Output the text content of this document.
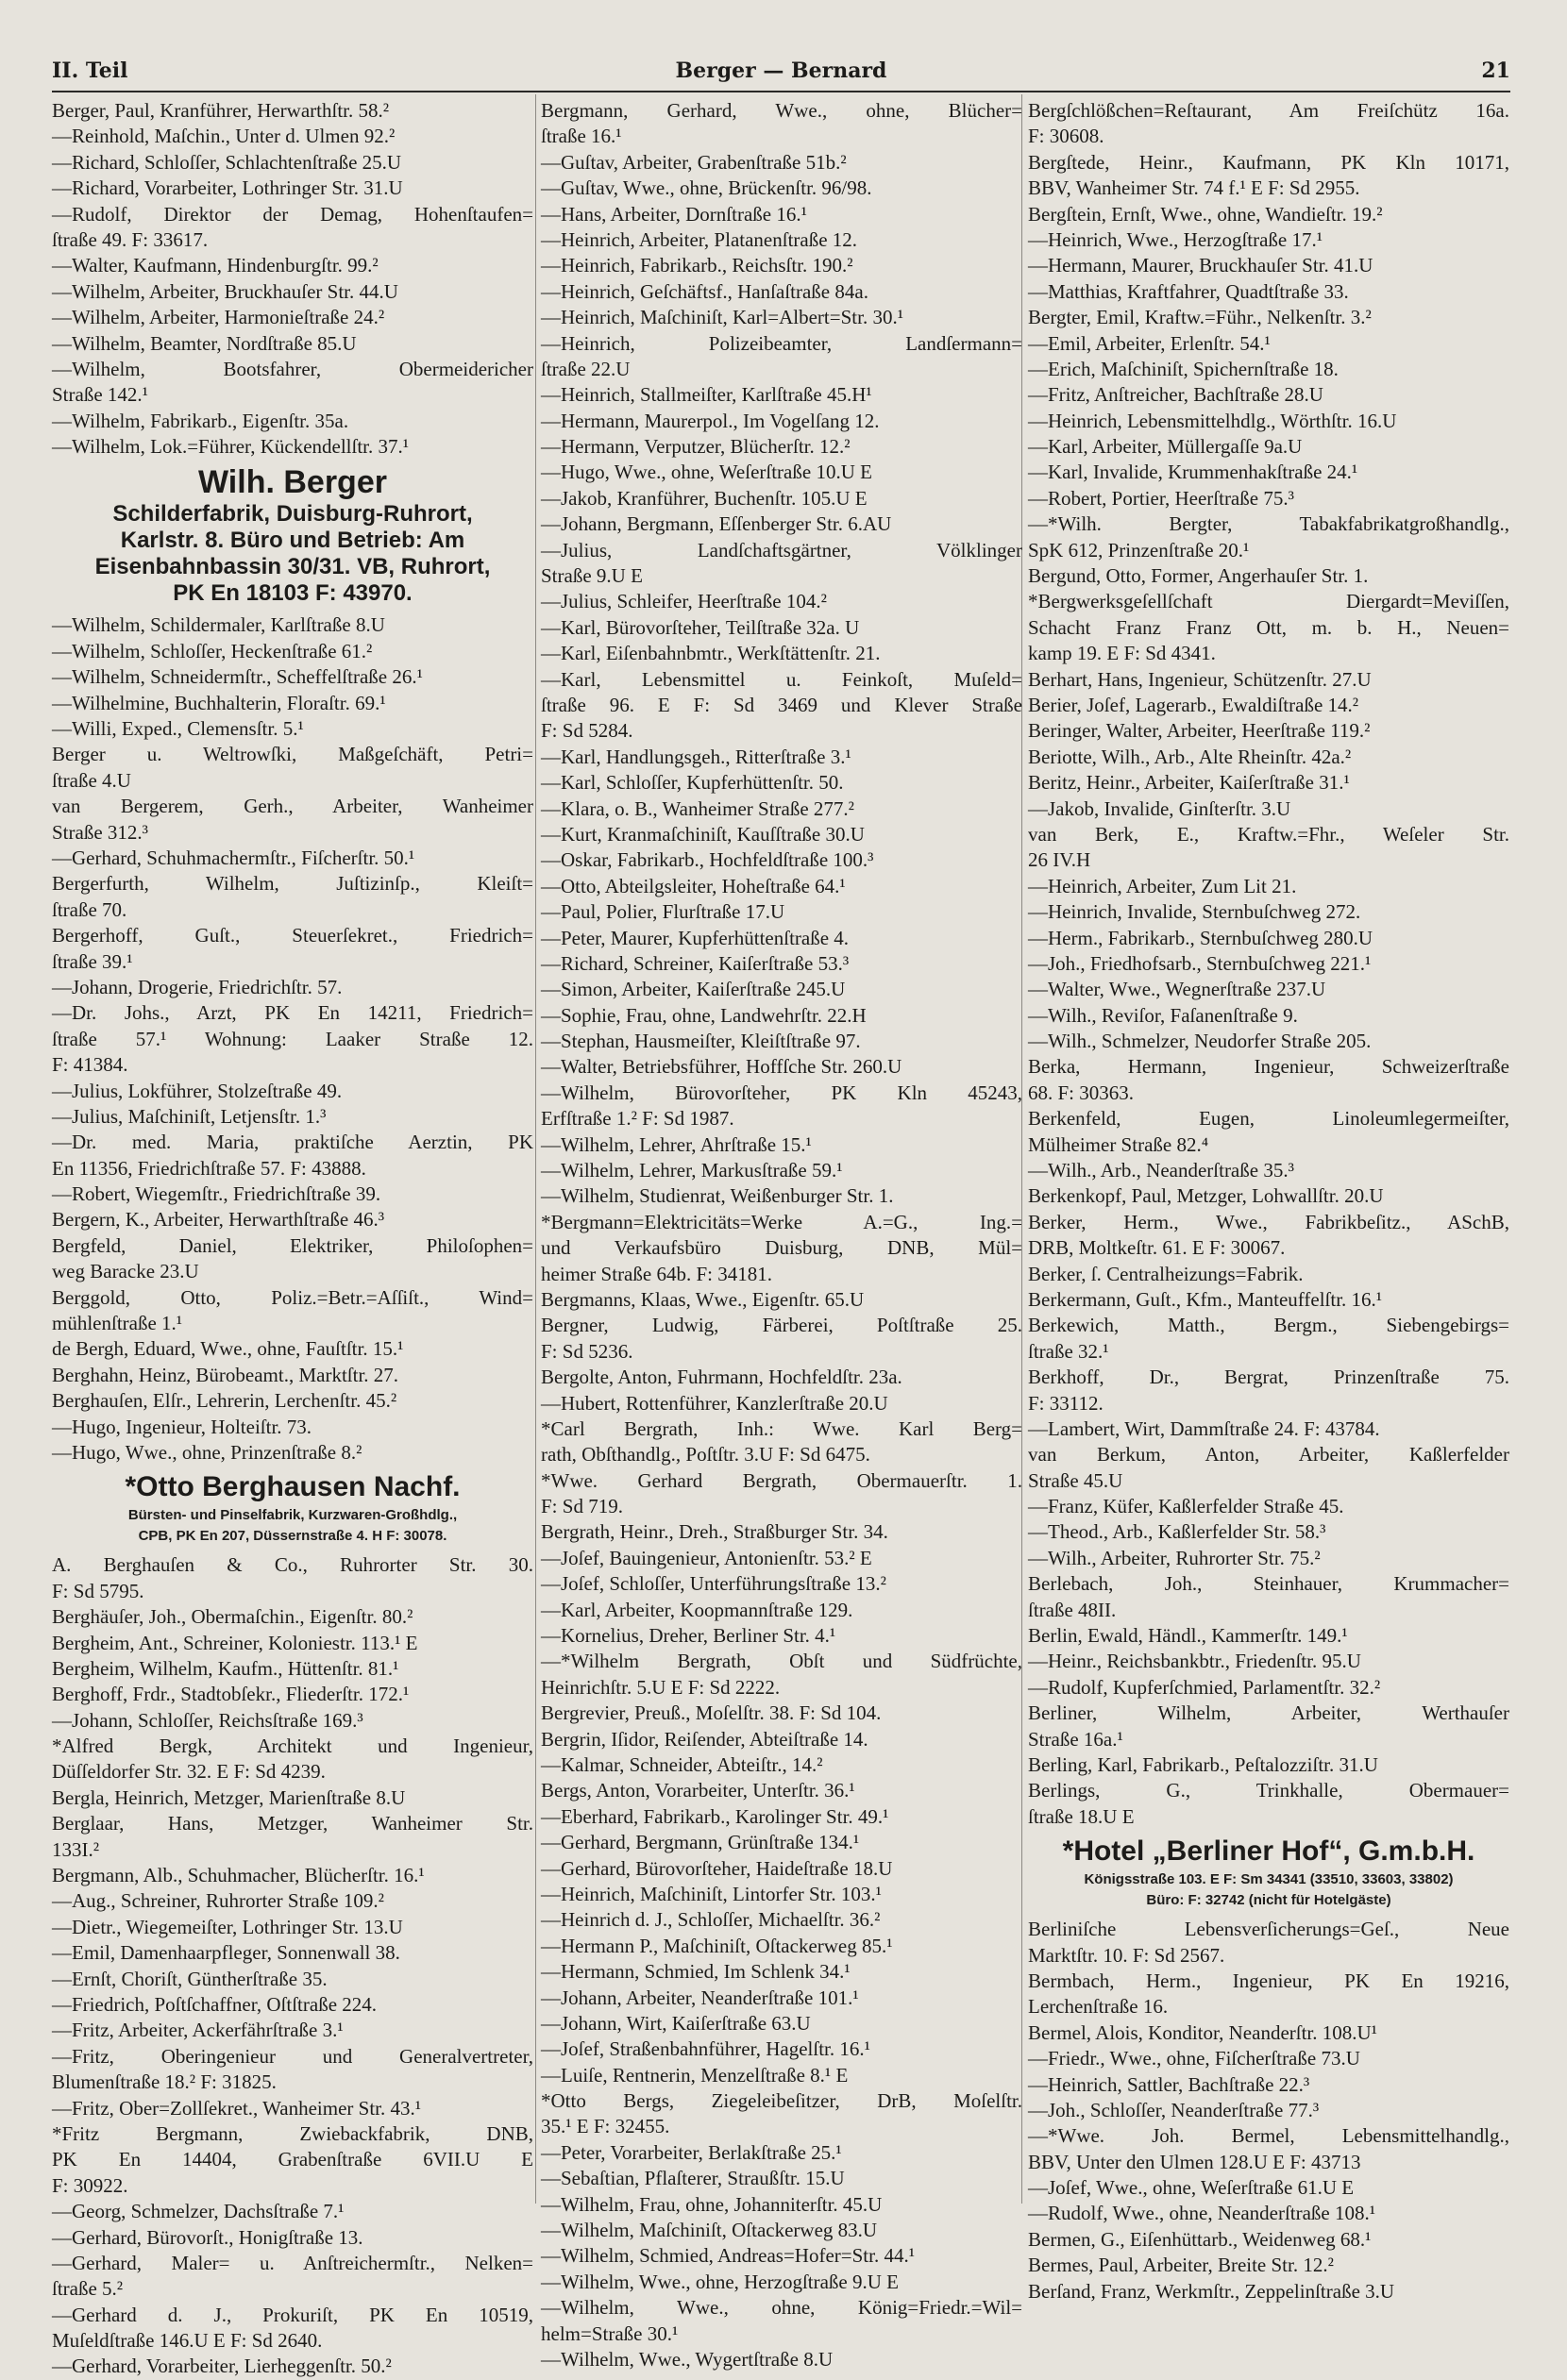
II. Teil	Berger — Bernard	21
Berger, Paul, Kranführer, Herwarthſtr. 58.²
—Reinhold, Maſchin., Unter d. Ulmen 92.²
—Richard, Schloſſer, Schlachtenſtraße 25.U
—Richard, Vorarbeiter, Lothringer Str. 31.U
—Rudolf, Direktor der Demag, Hohenſtaufen=
ſtraße 49. F: 33617.
—Walter, Kaufmann, Hindenburgſtr. 99.²
—Wilhelm, Arbeiter, Bruckhauſer Str. 44.U
—Wilhelm, Arbeiter, Harmonieſtraße 24.²
—Wilhelm, Beamter, Nordſtraße 85.U
—Wilhelm, Bootsfahrer, Obermeidericher
Straße 142.¹
—Wilhelm, Fabrikarb., Eigenſtr. 35a.
—Wilhelm, Lok.=Führer, Kückendellſtr. 37.¹
Wilh. Berger
Schilderfabrik, Duisburg-Ruhrort,
Karlstr. 8. Büro und Betrieb: Am
Eisenbahnbassin 30/31. VB, Ruhrort,
PK En 18103 F: 43970.
—Wilhelm, Schildermaler, Karlſtraße 8.U
—Wilhelm, Schloſſer, Heckenſtraße 61.²
—Wilhelm, Schneidermſtr., Scheffelſtraße 26.¹
—Wilhelmine, Buchhalterin, Floraſtr. 69.¹
—Willi, Exped., Clemensſtr. 5.¹
Berger u. Weltrowſki, Maßgeſchäft, Petri=
ſtraße 4.U
van Bergerem, Gerh., Arbeiter, Wanheimer
Straße 312.³
—Gerhard, Schuhmachermſtr., Fiſcherſtr. 50.¹
Bergerfurth, Wilhelm, Juſtizinſp., Kleiſt=
ſtraße 70.
Bergerhoff, Guſt., Steuerſekret., Friedrich=
ſtraße 39.¹
—Johann, Drogerie, Friedrichſtr. 57.
—Dr. Johs., Arzt, PK En 14211, Friedrich=
ſtraße 57.¹ Wohnung: Laaker Straße 12.
F: 41384.
—Julius, Lokführer, Stolzeſtraße 49.
—Julius, Maſchiniſt, Letjensſtr. 1.³
—Dr. med. Maria, praktiſche Aerztin, PK
En 11356, Friedrichſtraße 57. F: 43888.
—Robert, Wiegemſtr., Friedrichſtraße 39.
Bergern, K., Arbeiter, Herwarthſtraße 46.³
Bergfeld, Daniel, Elektriker, Philoſophen=
weg Baracke 23.U
Berggold, Otto, Poliz.=Betr.=Aſſiſt., Wind=
mühlenſtraße 1.¹
de Bergh, Eduard, Wwe., ohne, Fauſtſtr. 15.¹
Berghahn, Heinz, Bürobeamt., Marktſtr. 27.
Berghauſen, Elſr., Lehrerin, Lerchenſtr. 45.²
—Hugo, Ingenieur, Holteiſtr. 73.
—Hugo, Wwe., ohne, Prinzenſtraße 8.²
*Otto Berghausen Nachf.
Bürsten- und Pinselfabrik, Kurzwaren-Großhdlg.,
CPB, PK En 207, Düssernstraße 4. H F: 30078.
A. Berghauſen & Co., Ruhrorter Str. 30.
F: Sd 5795.
Berghäuſer, Joh., Obermaſchin., Eigenſtr. 80.²
Bergheim, Ant., Schreiner, Koloniestr. 113.¹ E
Bergheim, Wilhelm, Kaufm., Hüttenſtr. 81.¹
Berghoff, Frdr., Stadtobſekr., Fliederſtr. 172.¹
—Johann, Schloſſer, Reichsſtraße 169.³
*Alfred Bergk, Architekt und Ingenieur,
Düſſeldorfer Str. 32. E F: Sd 4239.
Bergla, Heinrich, Metzger, Marienſtraße 8.U
Berglaar, Hans, Metzger, Wanheimer Str.
133I.²
Bergmann, Alb., Schuhmacher, Blücherſtr. 16.¹
—Aug., Schreiner, Ruhrorter Straße 109.²
—Dietr., Wiegemeiſter, Lothringer Str. 13.U
—Emil, Damenhaarpfleger, Sonnenwall 38.
—Ernſt, Choriſt, Güntherſtraße 35.
—Friedrich, Poſtſchaffner, Oſtſtraße 224.
—Fritz, Arbeiter, Ackerfährſtraße 3.¹
—Fritz, Oberingenieur und Generalvertreter,
Blumenſtraße 18.² F: 31825.
—Fritz, Ober=Zollſekret., Wanheimer Str. 43.¹
*Fritz Bergmann, Zwiebackfabrik, DNB,
PK En 14404, Grabenſtraße 6VII.U E
F: 30922.
—Georg, Schmelzer, Dachsſtraße 7.¹
—Gerhard, Bürovorſt., Honigſtraße 13.
—Gerhard, Maler= u. Anſtreichermſtr., Nelken=
ſtraße 5.²
—Gerhard d. J., Prokuriſt, PK En 10519,
Muſeldſtraße 146.U E F: Sd 2640.
—Gerhard, Vorarbeiter, Lierheggenſtr. 50.²
Bergmann, Gerhard, Wwe., ohne, Blücher=
ſtraße 16.¹
—Guſtav, Arbeiter, Grabenſtraße 51b.²
—Guſtav, Wwe., ohne, Brückenſtr. 96/98.
—Hans, Arbeiter, Dornſtraße 16.¹
—Heinrich, Arbeiter, Platanenſtraße 12.
—Heinrich, Fabrikarb., Reichsſtr. 190.²
—Heinrich, Geſchäftsf., Hanſaſtraße 84a.
—Heinrich, Maſchiniſt, Karl=Albert=Str. 30.¹
—Heinrich, Polizeibeamter, Landſermann=
ſtraße 22.U
—Heinrich, Stallmeiſter, Karlſtraße 45.H¹
—Hermann, Maurerpol., Im Vogelſang 12.
—Hermann, Verputzer, Blücherſtr. 12.²
—Hugo, Wwe., ohne, Weſerſtraße 10.U E
—Jakob, Kranführer, Buchenſtr. 105.U E
—Johann, Bergmann, Eſſenberger Str. 6.AU
—Julius, Landſchaftsgärtner, Völklinger
Straße 9.U E
—Julius, Schleifer, Heerſtraße 104.²
—Karl, Bürovorſteher, Teilſtraße 32a. U
—Karl, Eiſenbahnbmtr., Werkſtättenſtr. 21.
—Karl, Lebensmittel u. Feinkoſt, Muſeld=
ſtraße 96. E F: Sd 3469 und Klever Straße
F: Sd 5284.
—Karl, Handlungsgeh., Ritterſtraße 3.¹
—Karl, Schloſſer, Kupferhüttenſtr. 50.
—Klara, o. B., Wanheimer Straße 277.²
—Kurt, Kranmaſchiniſt, Kauſſtraße 30.U
—Oskar, Fabrikarb., Hochfeldſtraße 100.³
—Otto, Abteilgsleiter, Hoheſtraße 64.¹
—Paul, Polier, Flurſtraße 17.U
—Peter, Maurer, Kupferhüttenſtraße 4.
—Richard, Schreiner, Kaiſerſtraße 53.³
—Simon, Arbeiter, Kaiſerſtraße 245.U
—Sophie, Frau, ohne, Landwehrſtr. 22.H
—Stephan, Hausmeiſter, Kleiſtſtraße 97.
—Walter, Betriebsführer, Hoffſche Str. 260.U
—Wilhelm, Bürovorſteher, PK Kln 45243,
Erfſtraße 1.² F: Sd 1987.
—Wilhelm, Lehrer, Ahrſtraße 15.¹
—Wilhelm, Lehrer, Markusſtraße 59.¹
—Wilhelm, Studienrat, Weißenburger Str. 1.
*Bergmann=Elektricitäts=Werke A.=G., Ing.=
und Verkaufsbüro Duisburg, DNB, Mül=
heimer Straße 64b. F: 34181.
Bergmanns, Klaas, Wwe., Eigenſtr. 65.U
Bergner, Ludwig, Färberei, Poſtſtraße 25.
F: Sd 5236.
Bergolte, Anton, Fuhrmann, Hochfeldſtr. 23a.
—Hubert, Rottenführer, Kanzlerſtraße 20.U
*Carl Bergrath, Inh.: Wwe. Karl Berg=
rath, Obſthandlg., Poſtſtr. 3.U F: Sd 6475.
*Wwe. Gerhard Bergrath, Obermauerſtr. 1.
F: Sd 719.
Bergrath, Heinr., Dreh., Straßburger Str. 34.
—Joſef, Bauingenieur, Antonienſtr. 53.² E
—Joſef, Schloſſer, Unterführungsſtraße 13.²
—Karl, Arbeiter, Koopmannſtraße 129.
—Kornelius, Dreher, Berliner Str. 4.¹
—*Wilhelm Bergrath, Obſt und Südfrüchte,
Heinrichſtr. 5.U E F: Sd 2222.
Bergrevier, Preuß., Moſelſtr. 38. F: Sd 104.
Bergrin, Iſidor, Reiſender, Abteiſtraße 14.
—Kalmar, Schneider, Abteiſtr., 14.²
Bergs, Anton, Vorarbeiter, Unterſtr. 36.¹
—Eberhard, Fabrikarb., Karolinger Str. 49.¹
—Gerhard, Bergmann, Grünſtraße 134.¹
—Gerhard, Bürovorſteher, Haideſtraße 18.U
—Heinrich, Maſchiniſt, Lintorfer Str. 103.¹
—Heinrich d. J., Schloſſer, Michaelſtr. 36.²
—Hermann P., Maſchiniſt, Oſtackerweg 85.¹
—Hermann, Schmied, Im Schlenk 34.¹
—Johann, Arbeiter, Neanderſtraße 101.¹
—Johann, Wirt, Kaiſerſtraße 63.U
—Joſef, Straßenbahnführer, Hagelſtr. 16.¹
—Luiſe, Rentnerin, Menzelſtraße 8.¹ E
*Otto Bergs, Ziegeleibeſitzer, DrB, Moſelſtr.
35.¹ E F: 32455.
—Peter, Vorarbeiter, Berlakſtraße 25.¹
—Sebaſtian, Pflaſterer, Straußſtr. 15.U
—Wilhelm, Frau, ohne, Johanniterſtr. 45.U
—Wilhelm, Maſchiniſt, Oſtackerweg 83.U
—Wilhelm, Schmied, Andreas=Hofer=Str. 44.¹
—Wilhelm, Wwe., ohne, Herzogſtraße 9.U E
—Wilhelm, Wwe., ohne, König=Friedr.=Wil=
helm=Straße 30.¹
—Wilhelm, Wwe., Wygertſtraße 8.U
Bergſchlößchen=Reſtaurant, Am Freiſchütz 16a.
F: 30608.
Bergſtede, Heinr., Kaufmann, PK Kln 10171,
BBV, Wanheimer Str. 74 f.¹ E F: Sd 2955.
Bergſtein, Ernſt, Wwe., ohne, Wandieſtr. 19.²
—Heinrich, Wwe., Herzogſtraße 17.¹
—Hermann, Maurer, Bruckhauſer Str. 41.U
—Matthias, Kraftfahrer, Quadtſtraße 33.
Bergter, Emil, Kraftw.=Führ., Nelkenſtr. 3.²
—Emil, Arbeiter, Erlenſtr. 54.¹
—Erich, Maſchiniſt, Spichernſtraße 18.
—Fritz, Anſtreicher, Bachſtraße 28.U
—Heinrich, Lebensmittelhdlg., Wörthſtr. 16.U
—Karl, Arbeiter, Müllergaſſe 9a.U
—Karl, Invalide, Krummenhakſtraße 24.¹
—Robert, Portier, Heerſtraße 75.³
—*Wilh. Bergter, Tabakfabrikatgroßhandlg.,
SpK 612, Prinzenſtraße 20.¹
Bergund, Otto, Former, Angerhauſer Str. 1.
*Bergwerksgeſellſchaft Diergardt=Meviſſen,
Schacht Franz Franz Ott, m. b. H., Neuen=
kamp 19. E F: Sd 4341.
Berhart, Hans, Ingenieur, Schützenſtr. 27.U
Berier, Joſef, Lagerarb., Ewaldiſtraße 14.²
Beringer, Walter, Arbeiter, Heerſtraße 119.²
Beriotte, Wilh., Arb., Alte Rheinſtr. 42a.²
Beritz, Heinr., Arbeiter, Kaiſerſtraße 31.¹
—Jakob, Invalide, Ginſterſtr. 3.U
van Berk, E., Kraftw.=Fhr., Weſeler Str.
26 IV.H
—Heinrich, Arbeiter, Zum Lit 21.
—Heinrich, Invalide, Sternbuſchweg 272.
—Herm., Fabrikarb., Sternbuſchweg 280.U
—Joh., Friedhofsarb., Sternbuſchweg 221.¹
—Walter, Wwe., Wegnerſtraße 237.U
—Wilh., Reviſor, Faſanenſtraße 9.
—Wilh., Schmelzer, Neudorfer Straße 205.
Berka, Hermann, Ingenieur, Schweizerſtraße
68. F: 30363.
Berkenfeld, Eugen, Linoleumlegermeiſter,
Mülheimer Straße 82.⁴
—Wilh., Arb., Neanderſtraße 35.³
Berkenkopf, Paul, Metzger, Lohwallſtr. 20.U
Berker, Herm., Wwe., Fabrikbeſitz., ASchB,
DRB, Moltkeſtr. 61. E F: 30067.
Berker, ſ. Centralheizungs=Fabrik.
Berkermann, Guſt., Kfm., Manteuffelſtr. 16.¹
Berkewich, Matth., Bergm., Siebengebirgs=
ſtraße 32.¹
Berkhoff, Dr., Bergrat, Prinzenſtraße 75.
F: 33112.
—Lambert, Wirt, Dammſtraße 24. F: 43784.
van Berkum, Anton, Arbeiter, Kaßlerfelder
Straße 45.U
—Franz, Küfer, Kaßlerfelder Straße 45.
—Theod., Arb., Kaßlerfelder Str. 58.³
—Wilh., Arbeiter, Ruhrorter Str. 75.²
Berlebach, Joh., Steinhauer, Krummacher=
ſtraße 48II.
Berlin, Ewald, Händl., Kammerſtr. 149.¹
—Heinr., Reichsbankbtr., Friedenſtr. 95.U
—Rudolf, Kupferſchmied, Parlamentſtr. 32.²
Berliner, Wilhelm, Arbeiter, Werthauſer
Straße 16a.¹
Berling, Karl, Fabrikarb., Peſtalozziſtr. 31.U
Berlings, G., Trinkhalle, Obermauer=
ſtraße 18.U E
*Hotel „Berliner Hof“, G.m.b.H.
Königsstraße 103. E F: Sm 34341 (33510, 33603, 33802)
Büro: F: 32742 (nicht für Hotelgäste)
Berliniſche Lebensverſicherungs=Geſ., Neue
Marktſtr. 10. F: Sd 2567.
Bermbach, Herm., Ingenieur, PK En 19216,
Lerchenſtraße 16.
Bermel, Alois, Konditor, Neanderſtr. 108.U¹
—Friedr., Wwe., ohne, Fiſcherſtraße 73.U
—Heinrich, Sattler, Bachſtraße 22.³
—Joh., Schloſſer, Neanderſtraße 77.³
—*Wwe. Joh. Bermel, Lebensmittelhandlg.,
BBV, Unter den Ulmen 128.U E F: 43713
—Joſef, Wwe., ohne, Weſerſtraße 61.U E
—Rudolf, Wwe., ohne, Neanderſtraße 108.¹
Bermen, G., Eiſenhüttarb., Weidenweg 68.¹
Bermes, Paul, Arbeiter, Breite Str. 12.²
Berſand, Franz, Werkmſtr., Zeppelinſtraße 3.U
